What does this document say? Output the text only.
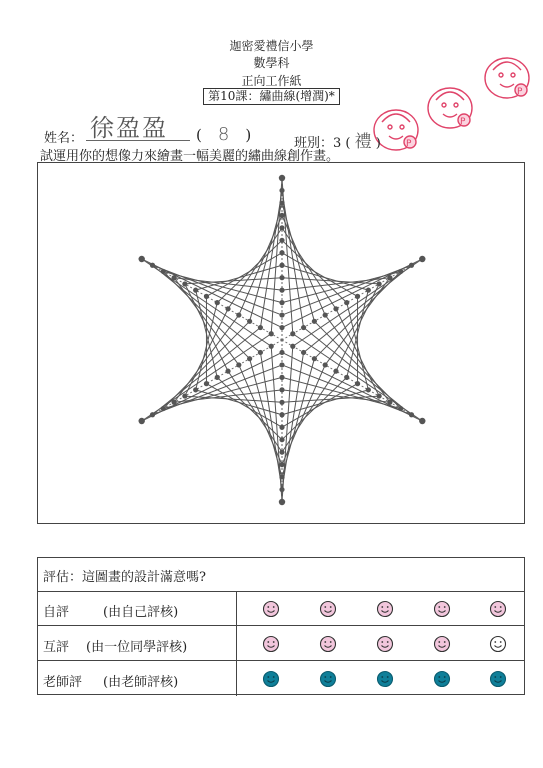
迦密愛禮信小學
數學科
正向工作紙
第10課：繡曲線(增潤)*	P
P
P
姓名： 徐盈盈 ( 8 )	班別：3 ( 禮 )
試運用你的想像力來繪畫一幅美麗的繡曲線創作畫。
評估：這圖畫的設計滿意嗎?
自評	(由自己評核)
互評 (由一位同學評核)
老師評 (由老師評核)
